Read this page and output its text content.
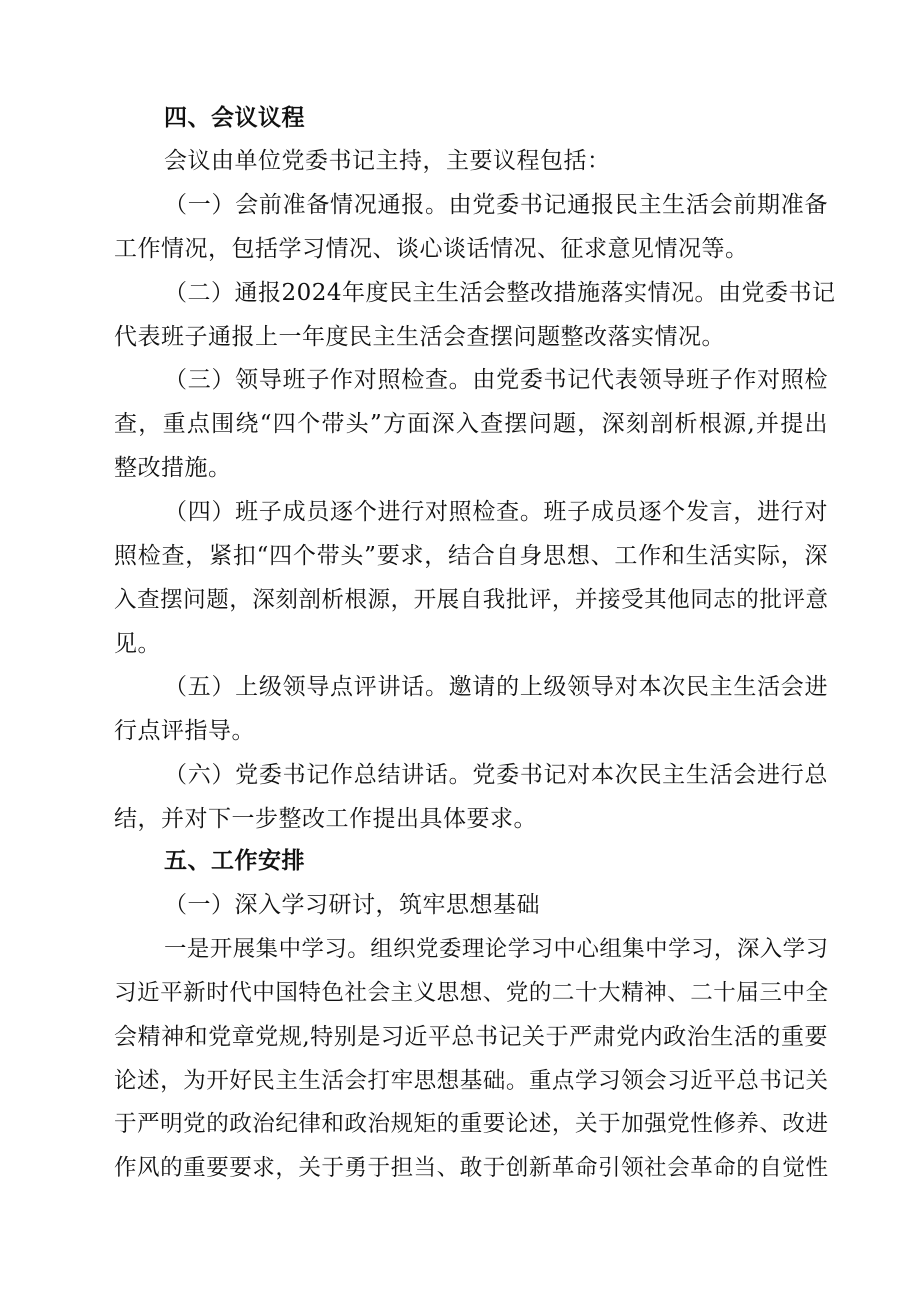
四、会议议程
会议由单位党委书记主持，主要议程包括：
（一）会前准备情况通报。由党委书记通报民主生活会前期准备
工作情况，包括学习情况、谈心谈话情况、征求意见情况等。
（二）通报2024年度民主生活会整改措施落实情况。由党委书记
代表班子通报上一年度民主生活会查摆问题整改落实情况。
（三）领导班子作对照检查。由党委书记代表领导班子作对照检
查，重点围绕“四个带头”方面深入查摆问题，深刻剖析根源,并提出
整改措施。
（四）班子成员逐个进行对照检查。班子成员逐个发言，进行对
照检查，紧扣“四个带头”要求，结合自身思想、工作和生活实际，深
入查摆问题，深刻剖析根源，开展自我批评，并接受其他同志的批评意
见。
（五）上级领导点评讲话。邀请的上级领导对本次民主生活会进
行点评指导。
（六）党委书记作总结讲话。党委书记对本次民主生活会进行总
结，并对下一步整改工作提出具体要求。
五、工作安排
（一）深入学习研讨，筑牢思想基础
一是开展集中学习。组织党委理论学习中心组集中学习，深入学习
习近平新时代中国特色社会主义思想、党的二十大精神、二十届三中全
会精神和党章党规,特别是习近平总书记关于严肃党内政治生活的重要
论述，为开好民主生活会打牢思想基础。重点学习领会习近平总书记关
于严明党的政治纪律和政治规矩的重要论述，关于加强党性修养、改进
作风的重要要求，关于勇于担当、敢于创新革命引领社会革命的自觉性
